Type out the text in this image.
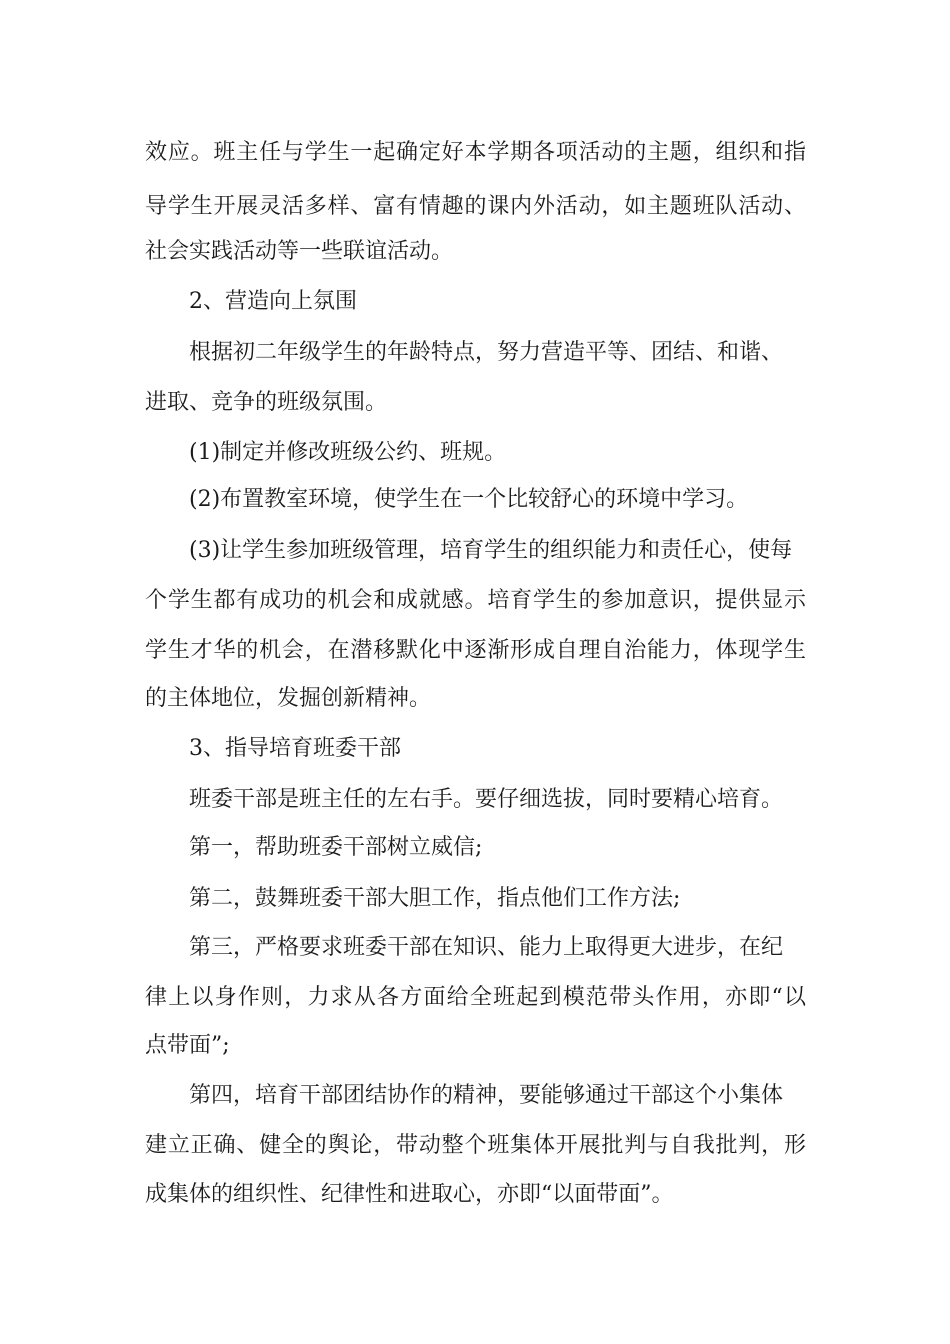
效应。班主任与学生一起确定好本学期各项活动的主题，组织和指
导学生开展灵活多样、富有情趣的课内外活动，如主题班队活动、
社会实践活动等一些联谊活动。
2、营造向上氛围
根据初二年级学生的年龄特点，努力营造平等、团结、和谐、
进取、竞争的班级氛围。
(1)制定并修改班级公约、班规。
(2)布置教室环境，使学生在一个比较舒心的环境中学习。
(3)让学生参加班级管理，培育学生的组织能力和责任心，使每
个学生都有成功的机会和成就感。培育学生的参加意识，提供显示
学生才华的机会，在潜移默化中逐渐形成自理自治能力，体现学生
的主体地位，发掘创新精神。
3、指导培育班委干部
班委干部是班主任的左右手。要仔细选拔，同时要精心培育。
第一，帮助班委干部树立威信;
第二，鼓舞班委干部大胆工作，指点他们工作方法;
第三，严格要求班委干部在知识、能力上取得更大进步，在纪
律上以身作则，力求从各方面给全班起到模范带头作用，亦即“以
点带面”;
第四，培育干部团结协作的精神，要能够通过干部这个小集体
建立正确、健全的舆论，带动整个班集体开展批判与自我批判，形
成集体的组织性、纪律性和进取心，亦即“以面带面”。
